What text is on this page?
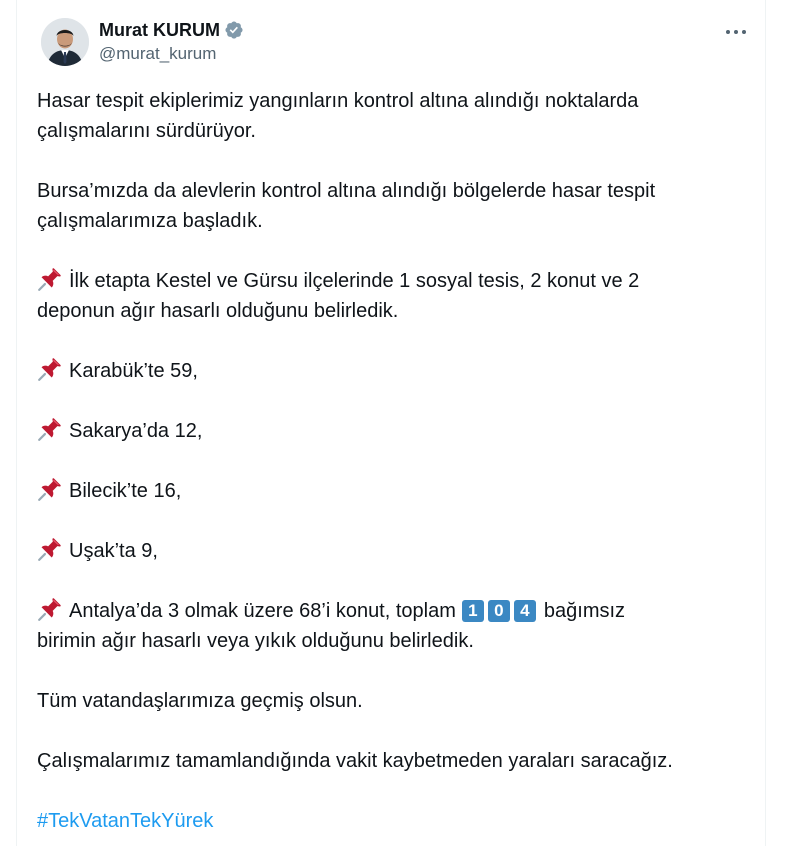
Murat KURUM
@murat_kurum
Hasar tespit ekiplerimiz yangınların kontrol altına alındığı noktalarda
çalışmalarını sürdürüyor.
Bursa’mızda da alevlerin kontrol altına alındığı bölgelerde hasar tespit
çalışmalarımıza başladık.
İlk etapta Kestel ve Gürsu ilçelerinde 1 sosyal tesis, 2 konut ve 2
deponun ağır hasarlı olduğunu belirledik.
Karabük’te 59,
Sakarya’da 12,
Bilecik’te 16,
Uşak’ta 9,
Antalya’da 3 olmak üzere 68’i konut, toplam 1 0 4 bağımsız
birimin ağır hasarlı veya yıkık olduğunu belirledik.
Tüm vatandaşlarımıza geçmiş olsun.
Çalışmalarımız tamamlandığında vakit kaybetmeden yaraları saracağız.
#TekVatanTekYürek
